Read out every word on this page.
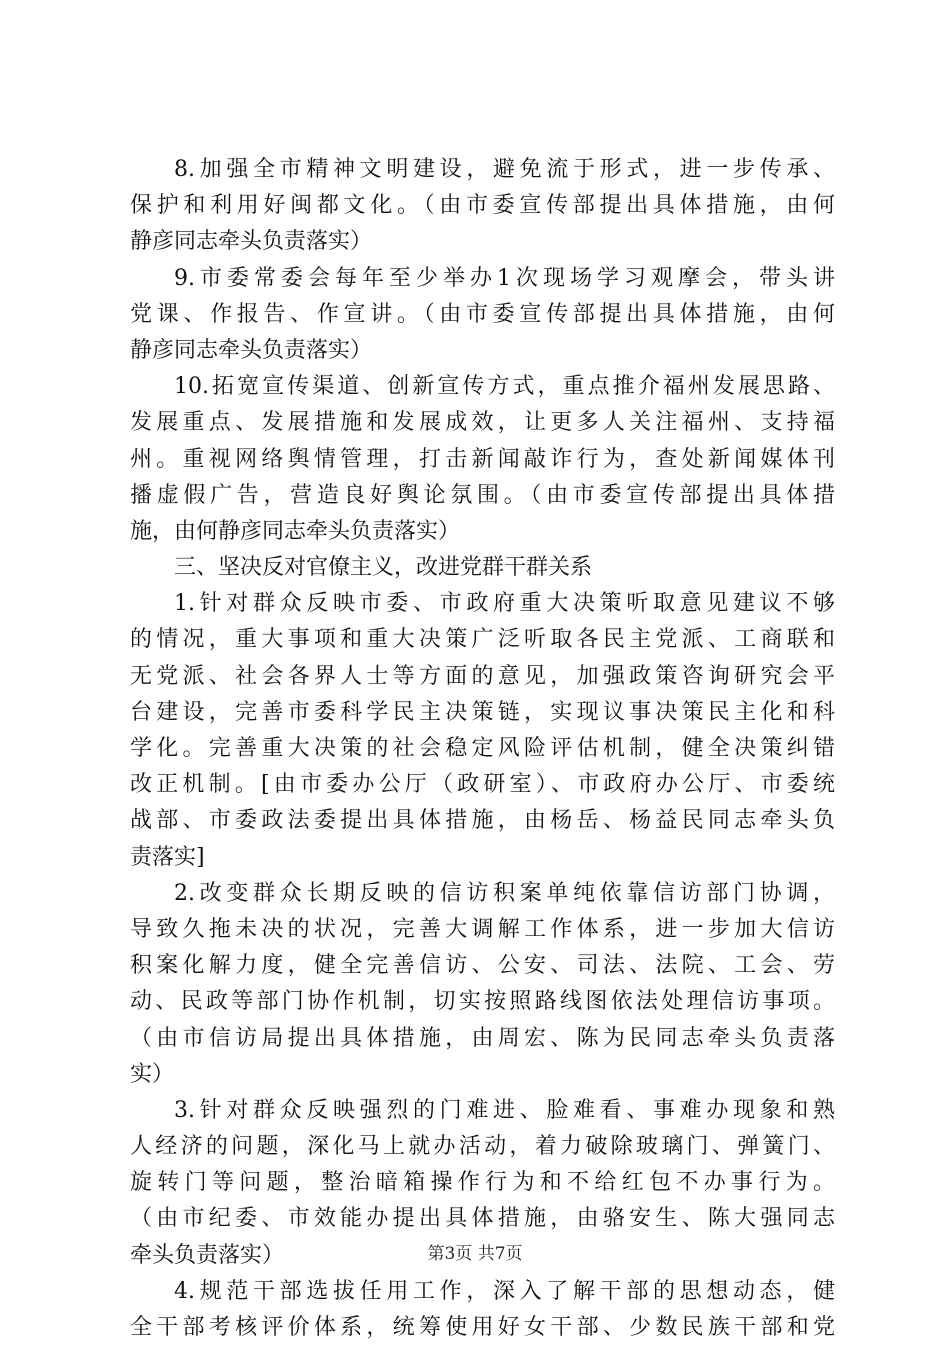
8.加强全市精神文明建设，避免流于形式，进一步传承、
保护和利用好闽都文化。（由市委宣传部提出具体措施，由何
静彦同志牵头负责落实）
9.市委常委会每年至少举办1次现场学习观摩会，带头讲
党课、作报告、作宣讲。（由市委宣传部提出具体措施，由何
静彦同志牵头负责落实）
10.拓宽宣传渠道、创新宣传方式，重点推介福州发展思路、
发展重点、发展措施和发展成效，让更多人关注福州、支持福
州。重视网络舆情管理，打击新闻敲诈行为，查处新闻媒体刊
播虚假广告，营造良好舆论氛围。（由市委宣传部提出具体措
施，由何静彦同志牵头负责落实）
三、坚决反对官僚主义，改进党群干群关系
1.针对群众反映市委、市政府重大决策听取意见建议不够
的情况，重大事项和重大决策广泛听取各民主党派、工商联和
无党派、社会各界人士等方面的意见，加强政策咨询研究会平
台建设，完善市委科学民主决策链，实现议事决策民主化和科
学化。完善重大决策的社会稳定风险评估机制，健全决策纠错
改正机制。[由市委办公厅（政研室）、市政府办公厅、市委统
战部、市委政法委提出具体措施，由杨岳、杨益民同志牵头负
责落实]
2.改变群众长期反映的信访积案单纯依靠信访部门协调，
导致久拖未决的状况，完善大调解工作体系，进一步加大信访
积案化解力度，健全完善信访、公安、司法、法院、工会、劳
动、民政等部门协作机制，切实按照路线图依法处理信访事项。
（由市信访局提出具体措施，由周宏、陈为民同志牵头负责落
实）
3.针对群众反映强烈的门难进、脸难看、事难办现象和熟
人经济的问题，深化马上就办活动，着力破除玻璃门、弹簧门、
旋转门等问题，整治暗箱操作行为和不给红包不办事行为。
（由市纪委、市效能办提出具体措施，由骆安生、陈大强同志
牵头负责落实）
4.规范干部选拔任用工作，深入了解干部的思想动态，健
全干部考核评价体系，统筹使用好女干部、少数民族干部和党
第3页 共7页
